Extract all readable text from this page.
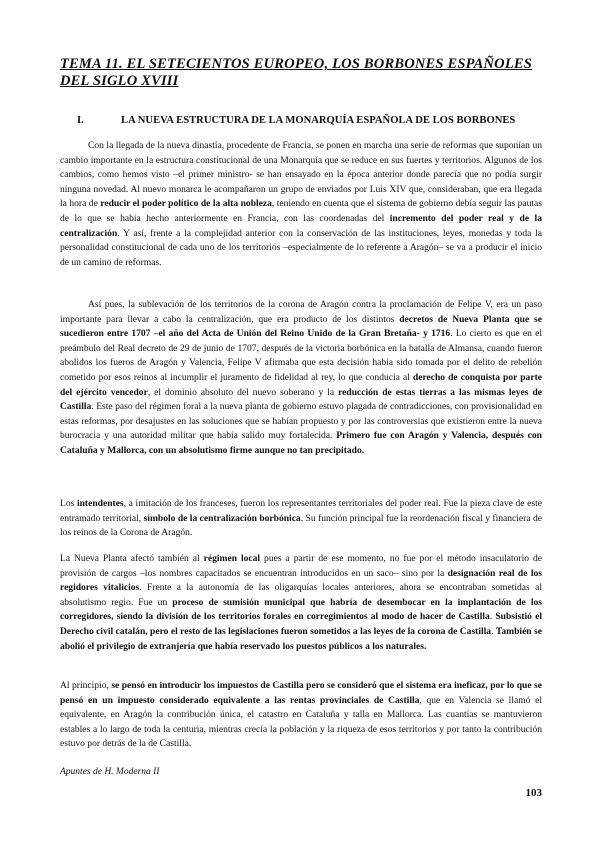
TEMA 11. EL SETECIENTOS EUROPEO, LOS BORBONES ESPAÑOLES DEL SIGLO XVIII
I.	LA NUEVA ESTRUCTURA DE LA MONARQUÍA ESPAÑOLA DE LOS BORBONES

Con la llegada de la nueva dinastía, procedente de Francia, se ponen en marcha una serie de reformas que suponían un cambio importante en la estructura constitucional de una Monarquía que se reduce en sus fuertes y territorios. Algunos de los cambios, como hemos visto –el primer ministro- se han ensayado en la época anterior donde parecía que no podía surgir ninguna novedad. Al nuevo monarca le acompañaron un grupo de enviados por Luis XIV que, consideraban, que era llegada la hora de reducir el poder político de la alta nobleza, teniendo en cuenta que el sistema de gobierno debía seguir las pautas de lo que se había hecho anteriormente en Francia, con las coordenadas del incremento del poder real y de la centralización. Y así, frente a la complejidad anterior con la conservación de las instituciones, leyes, monedas y toda la personalidad constitucional de cada uno de los territorios –especialmente de lo referente a Aragón– se va a producir el inicio de un camino de reformas.

Así pues, la sublevación de los territorios de la corona de Aragón contra la proclamación de Felipe V, era un paso importante para llevar a cabo la centralización, que era producto de los distintos decretos de Nueva Planta que se sucedieron entre 1707 –el año del Acta de Unión del Reino Unido de la Gran Bretaña- y 1716. Lo cierto es que en el preámbulo del Real decreto de 29 de junio de 1707, después de la victoria borbónica en la batalla de Almansa, cuando fueron abolidos los fueros de Aragón y Valencia, Felipe V afirmaba que esta decisión había sido tomada por el delito de rebelión cometido por esos reinos al incumplir el juramento de fidelidad al rey, lo que conducía al derecho de conquista por parte del ejército vencedor, el dominio absoluto del nuevo soberano y la reducción de estas tierras a las mismas leyes de Castilla. Este paso del régimen foral a la nueva planta de gobierno estuvo plagada de contradicciones, con provisionalidad en estas reformas, por desajustes en las soluciones que se habían propuesto y por las controversias que existieron entre la nueva burocracia y una autoridad militar que había salido muy fortalecida. Primero fue con Aragón y Valencia, después con Cataluña y Mallorca, con un absolutismo firme aunque no tan precipitado.

Los intendentes, a imitación de los franceses, fueron los representantes territoriales del poder real. Fue la pieza clave de este entramado territorial, símbolo de la centralización borbónica. Su función principal fue la reordenación fiscal y financiera de los reinos de la Corona de Aragón.

La Nueva Planta afectó también al régimen local pues a partir de ese momento, no fue por el método insaculatorio de provisión de cargos –los nombres capacitados se encuentran introducidos en un saco– sino por la designación real de los regidores vitalicios. Frente a la autonomía de las oligarquías locales anteriores, ahora se encontraban sometidas al absolutismo regio. Fue un proceso de sumisión municipal que habría de desembocar en la implantación de los corregidores, siendo la división de los territorios forales en corregimientos al modo de hacer de Castilla. Subsistió el Derecho civil catalán, pero el resto de las legislaciones fueron sometidos a las leyes de la corona de Castilla. También se abolió el privilegio de extranjería que había reservado los puestos públicos a los naturales.

Al principio, se pensó en introducir los impuestos de Castilla pero se consideró que el sistema era ineficaz, por lo que se pensó en un impuesto considerado equivalente a las rentas provinciales de Castilla, que en Valencia se llamó el equivalente, en Aragón la contribución única, el catastro en Cataluña y talla en Mallorca. Las cuantías se mantuvieron estables a lo largo de toda la centuria, mientras crecía la población y la riqueza de esos territorios y por tanto la contribución estuvo por detrás de la de Castilla.

Apuntes de H. Moderna II
103
